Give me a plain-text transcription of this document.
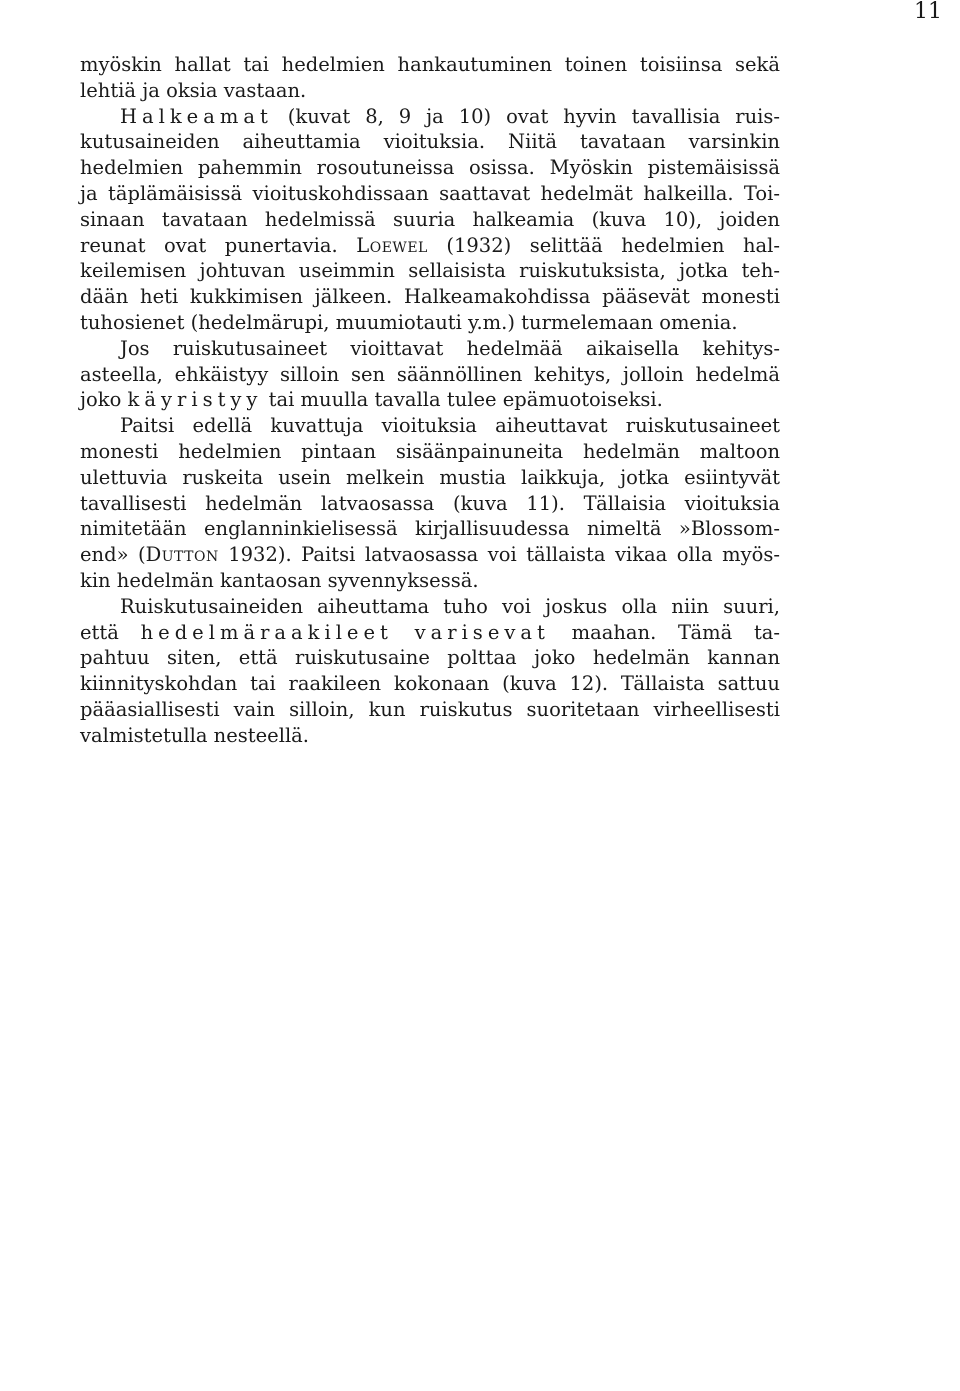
11
myöskin hallat tai hedelmien hankautuminen toinen toisiinsa sekä
lehtiä ja oksia vastaan.
Halkeamat (kuvat 8, 9 ja 10) ovat hyvin tavallisia ruis-
kutusaineiden aiheuttamia vioituksia. Niitä tavataan varsinkin
hedelmien pahemmin rosoutuneissa osissa. Myöskin pistemäisissä
ja täplämäisissä vioituskohdissaan saattavat hedelmät halkeilla. Toi-
sinaan tavataan hedelmissä suuria halkeamia (kuva 10), joiden
reunat ovat punertavia. Loewel (1932) selittää hedelmien hal-
keilemisen johtuvan useimmin sellaisista ruiskutuksista, jotka teh-
dään heti kukkimisen jälkeen. Halkeamakohdissa pääsevät monesti
tuhosienet (hedelmärupi, muumiotauti y.m.) turmelemaan omenia.
Jos ruiskutusaineet vioittavat hedelmää aikaisella kehitys-
asteella, ehkäistyy silloin sen säännöllinen kehitys, jolloin hedelmä
joko käyristyy tai muulla tavalla tulee epämuotoiseksi.
Paitsi edellä kuvattuja vioituksia aiheuttavat ruiskutusaineet
monesti hedelmien pintaan sisäänpainuneita hedelmän maltoon
ulettuvia ruskeita usein melkein mustia laikkuja, jotka esiintyvät
tavallisesti hedelmän latvaosassa (kuva 11). Tällaisia vioituksia
nimitetään englanninkielisessä kirjallisuudessa nimeltä »Blossom-
end» (Dutton 1932). Paitsi latvaosassa voi tällaista vikaa olla myös-
kin hedelmän kantaosan syvennyksessä.
Ruiskutusaineiden aiheuttama tuho voi joskus olla niin suuri,
että hedelmäraakileet varisevat maahan. Tämä ta-
pahtuu siten, että ruiskutusaine polttaa joko hedelmän kannan
kiinnityskohdan tai raakileen kokonaan (kuva 12). Tällaista sattuu
pääasiallisesti vain silloin, kun ruiskutus suoritetaan virheellisesti
valmistetulla nesteellä.
